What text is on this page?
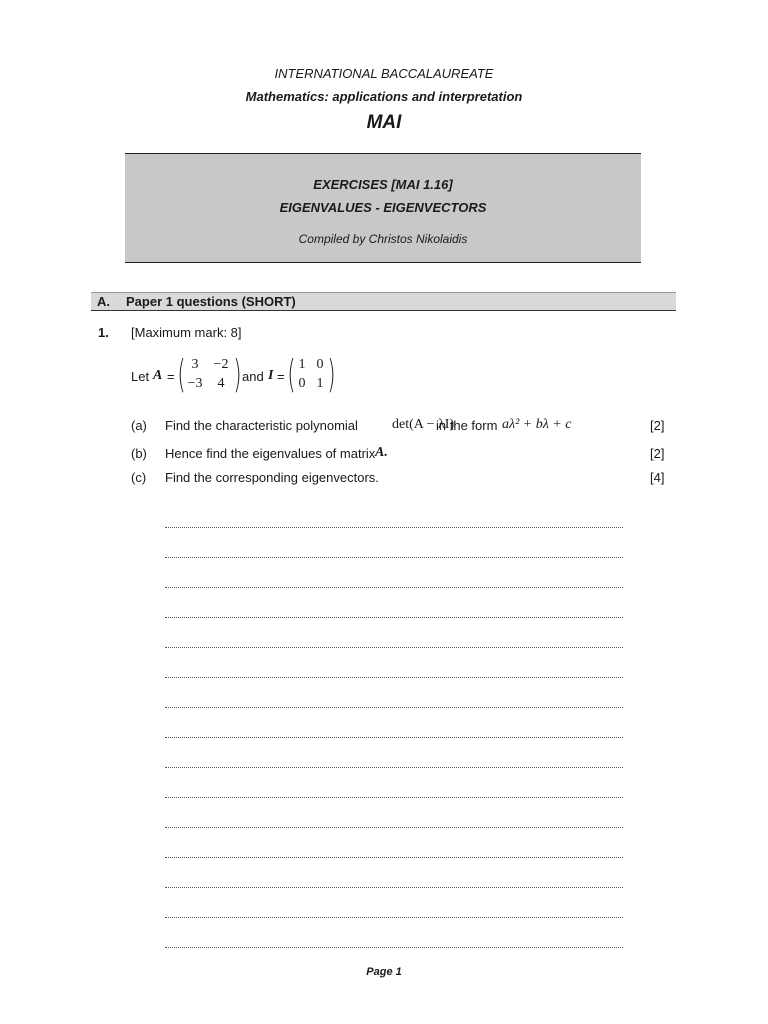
INTERNATIONAL BACCALAUREATE
Mathematics: applications and interpretation
MAI
EXERCISES [MAI 1.16]
EIGENVALUES - EIGENVECTORS
Compiled by Christos Nikolaidis
A. Paper 1 questions (SHORT)
1. [Maximum mark: 8]
Let A = ( 3	−2
−3	4 ) and I = ( 1 0
0 1 )
(a) Find the characteristic polynomial det(A − λI)
in the form aλ² + bλ + c	[2]
(b) Hence find the eigenvalues of matrix A.	[2]
(c) Find the corresponding eigenvectors.	[4]
Page 1
